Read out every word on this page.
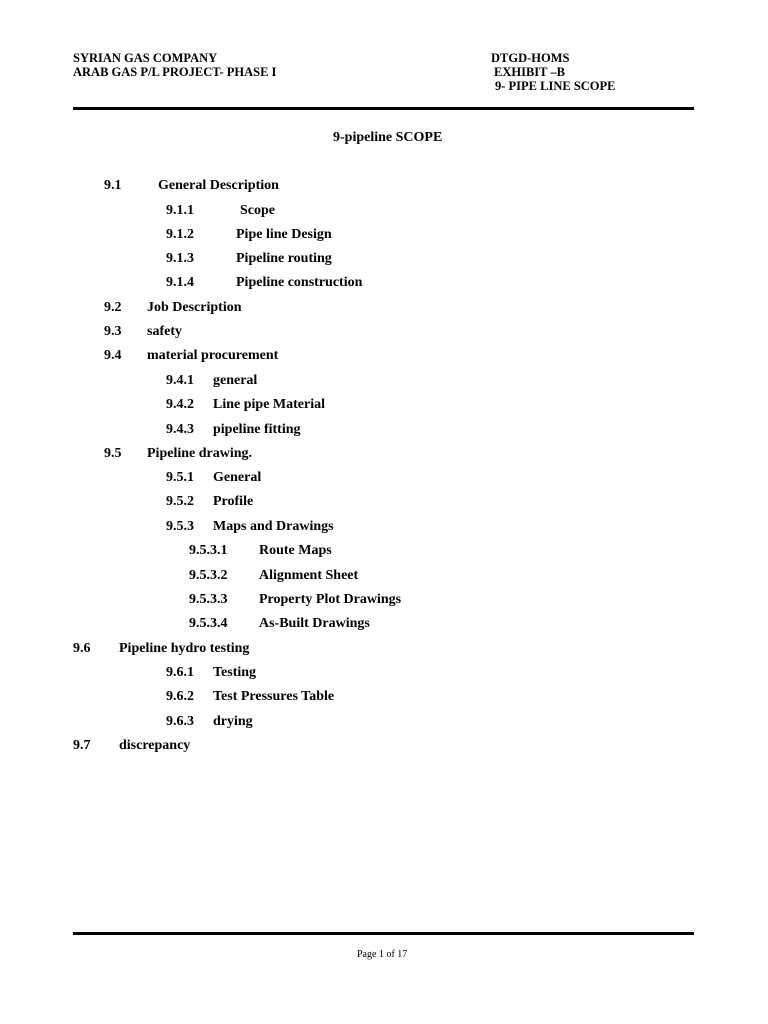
SYRIAN GAS COMPANY
ARAB GAS P/L PROJECT- PHASE I
DTGD-HOMS
EXHIBIT –B
9- PIPE LINE SCOPE
9-pipeline SCOPE
9.1	General Description
9.1.1	Scope
9.1.2	Pipe line Design
9.1.3	Pipeline routing
9.1.4	Pipeline construction
9.2 Job Description
9.3 safety
9.4 material procurement
9.4.1 general
9.4.2 Line pipe Material
9.4.3 pipeline fitting
9.5 Pipeline drawing.
9.5.1 General
9.5.2 Profile
9.5.3 Maps and Drawings
9.5.3.1 Route Maps
9.5.3.2 Alignment Sheet
9.5.3.3 Property Plot Drawings
9.5.3.4 As-Built Drawings
9.6 Pipeline hydro testing
9.6.1 Testing
9.6.2 Test Pressures Table
9.6.3 drying
9.7 discrepancy
Page 1 of 17
